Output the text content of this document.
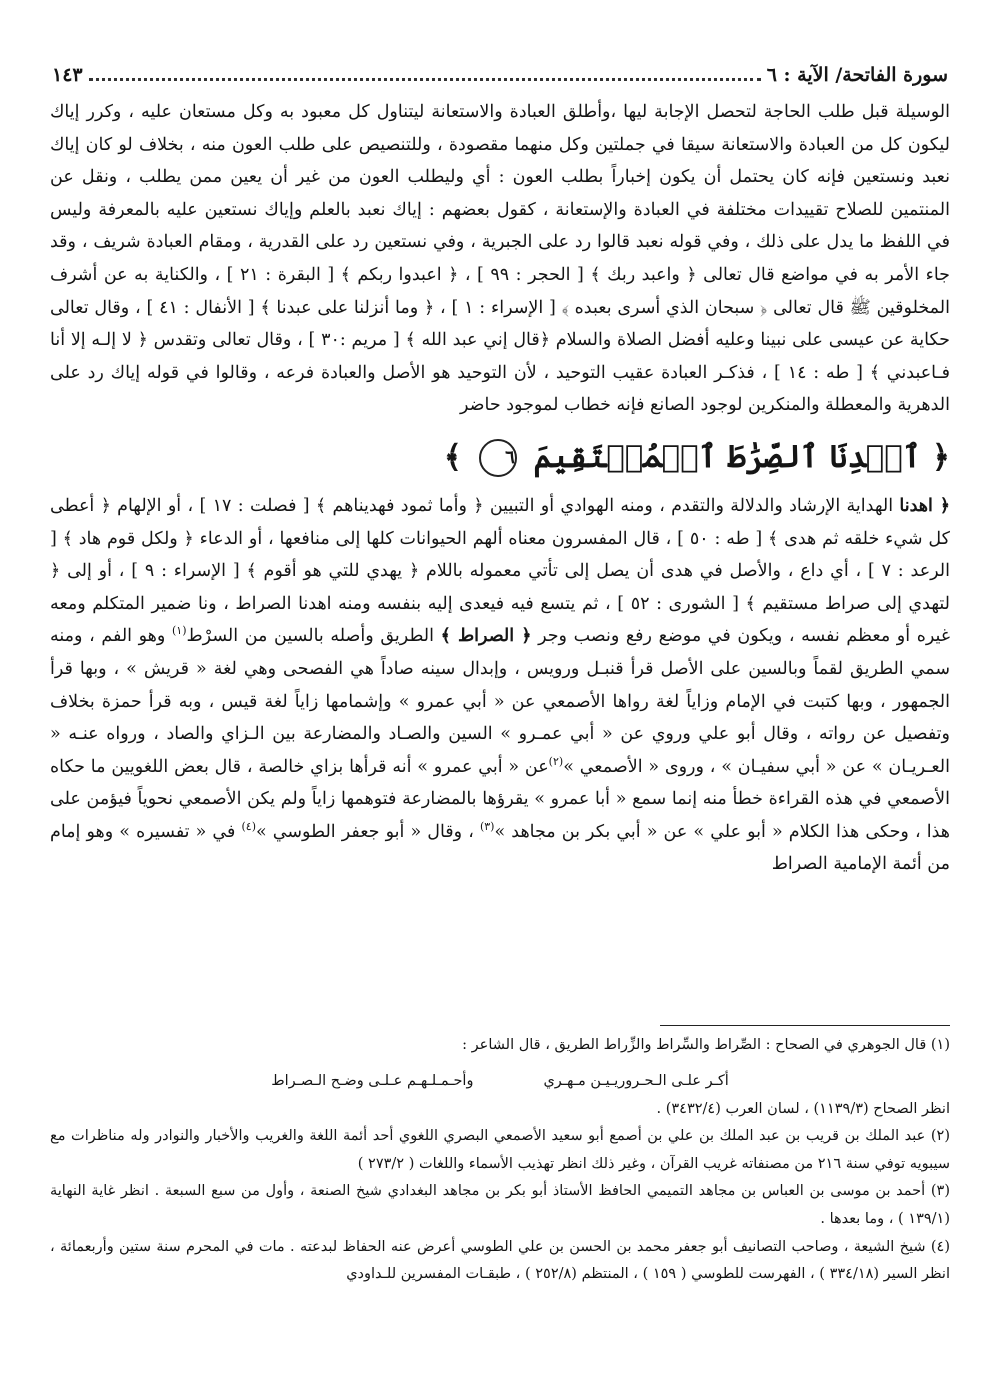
سورة الفاتحة/ الآية : ٦
١٤٣

الوسيلة قبل طلب الحاجة لتحصل الإجابة ليها ،وأطلق العبادة والاستعانة ليتناول كل معبود به وكل مستعان عليه ، وكرر إياك ليكون كل من العبادة والاستعانة سيقا في جملتين وكل منهما مقصودة ، وللتنصيص على طلب العون منه ، بخلاف لو كان إياك نعبد ونستعين فإنه كان يحتمل أن يكون إخباراً بطلب العون : أي وليطلب العون من غير أن يعين ممن يطلب ، ونقل عن المنتمين للصلاح تقييدات مختلفة في العبادة والإستعانة ، كقول بعضهم : إياك نعبد بالعلم وإياك نستعين عليه بالمعرفة وليس في اللفظ ما يدل على ذلك ، وفي قوله نعبد قالوا رد على الجبرية ، وفي نستعين رد على القدرية ، ومقام العبادة شريف ، وقد جاء الأمر به في مواضع قال تعالى ﴿ واعبد ربك ﴾ [ الحجر : ٩٩ ] ، ﴿ اعبدوا ربكم ﴾ [ البقرة : ٢١ ] ، والكناية به عن أشرف المخلوقين ﷺ قال تعالى ﴿ سبحان الذي أسرى بعبده ﴾ [ الإسراء : ١ ] ، ﴿ وما أنزلنا على عبدنا ﴾ [ الأنفال : ٤١ ] ، وقال تعالى حكاية عن عيسى على نبينا وعليه أفضل الصلاة والسلام ﴿قال إني عبد الله ﴾ [ مريم :٣٠ ] ، وقال تعالى وتقدس ﴿ لا إلـه إلا أنا فـاعبدني ﴾ [ طه : ١٤ ] ، فذكـر العبادة عقيب التوحيد ، لأن التوحيد هو الأصل والعبادة فرعه ، وقالوا في قوله إياك رد على الدهرية والمعطلة والمنكرين لوجود الصانع فإنه خطاب لموجود حاضر

﴿ ٱهۡدِنَا ٱلصِّرَٰطَ ٱلۡمُسۡتَقِيمَ ٦ ﴾

﴿ اهدنا الهداية الإرشاد والدلالة والتقدم ، ومنه الهوادي أو التبيين ﴿ وأما ثمود فهديناهم ﴾ [ فصلت : ١٧ ] ، أو الإلهام ﴿ أعطى كل شيء خلقه ثم هدى ﴾ [ طه : ٥٠ ] ، قال المفسرون معناه ألهم الحيوانات كلها إلى منافعها ، أو الدعاء ﴿ ولكل قوم هاد ﴾ [ الرعد : ٧ ] ، أي داع ، والأصل في هدى أن يصل إلى تأتي معموله باللام ﴿ يهدي للتي هو أقوم ﴾ [ الإسراء : ٩ ] ، أو إلى ﴿ لتهدي إلى صراط مستقيم ﴾ [ الشورى : ٥٢ ] ، ثم يتسع فيه فيعدى إليه بنفسه ومنه اهدنا الصراط ، ونا ضمير المتكلم ومعه غيره أو معظم نفسه ، ويكون في موضع رفع ونصب وجر ﴿ الصراط ﴾ الطريق وأصله بالسين من السرْط$^{(١)}$ وهو الفم ، ومنه سمي الطريق لقماً وبالسين على الأصل قرأ قنبـل ورويس ، وإبدال سينه صاداً هي الفصحى وهي لغة « قريش » ، وبها قرأ الجمهور ، وبها كتبت في الإمام وزاياً لغة رواها الأصمعي عن « أبي عمرو » وإشمامها زاياً لغة قيس ، وبه قرأ حمزة بخلاف وتفصيل عن رواته ، وقال أبو علي وروي عن « أبي عمـرو » السين والصـاد والمضارعة بين الـزاي والصاد ، ورواه عنـه « العـريـان » عن « أبي سفيـان » ، وروى « الأصمعي »$^{(٢)}$عن « أبي عمرو » أنه قرأها بزاي خالصة ، قال بعض اللغويين ما حكاه الأصمعي في هذه القراءة خطأ منه إنما سمع « أبا عمرو » يقرؤها بالمضارعة فتوهمها زاياً ولم يكن الأصمعي نحوياً فيؤمن على هذا ، وحكى هذا الكلام « أبو علي » عن « أبي بكر بن مجاهد »$^{(٣)}$ ، وقال « أبو جعفر الطوسي »$^{(٤)}$ في « تفسيره » وهو إمام من أئمة الإمامية الصراط

(١) قال الجوهري في الصحاح : الصِّراط والسِّراط والزِّراط الطريق ، قال الشاعر :

أكـر علـى الـحـروريـيـن مـهـري
وأحـمـلـهـم عـلـى وضـح الـصـراط

انظر الصحاح (١١٣٩/٣) ، لسان العرب (٣٤٣٢/٤) .

(٢) عبد الملك بن قريب بن عبد الملك بن علي بن أصمع أبو سعيد الأصمعي البصري اللغوي أحد أئمة اللغة والغريب والأخبار والنوادر وله مناظرات مع سيبويه توفي سنة ٢١٦ من مصنفاته غريب القرآن ، وغير ذلك انظر تهذيب الأسماء واللغات ( ٢٧٣/٢ )

(٣) أحمد بن موسى بن العباس بن مجاهد التميمي الحافظ الأستاذ أبو بكر بن مجاهد البغدادي شيخ الصنعة ، وأول من سبع السبعة . انظر غاية النهاية (١٣٩/١ ) ، وما بعدها .

(٤) شيخ الشيعة ، وصاحب التصانيف أبو جعفر محمد بن الحسن بن علي الطوسي أعرض عنه الحفاظ لبدعته . مات في المحرم سنة ستين وأربعمائة ، انظر السير (٣٣٤/١٨ ) ، الفهرست للطوسي ( ١٥٩ ) ، المنتظم (٢٥٢/٨ ) ، طبقـات المفسرين للـداودي
